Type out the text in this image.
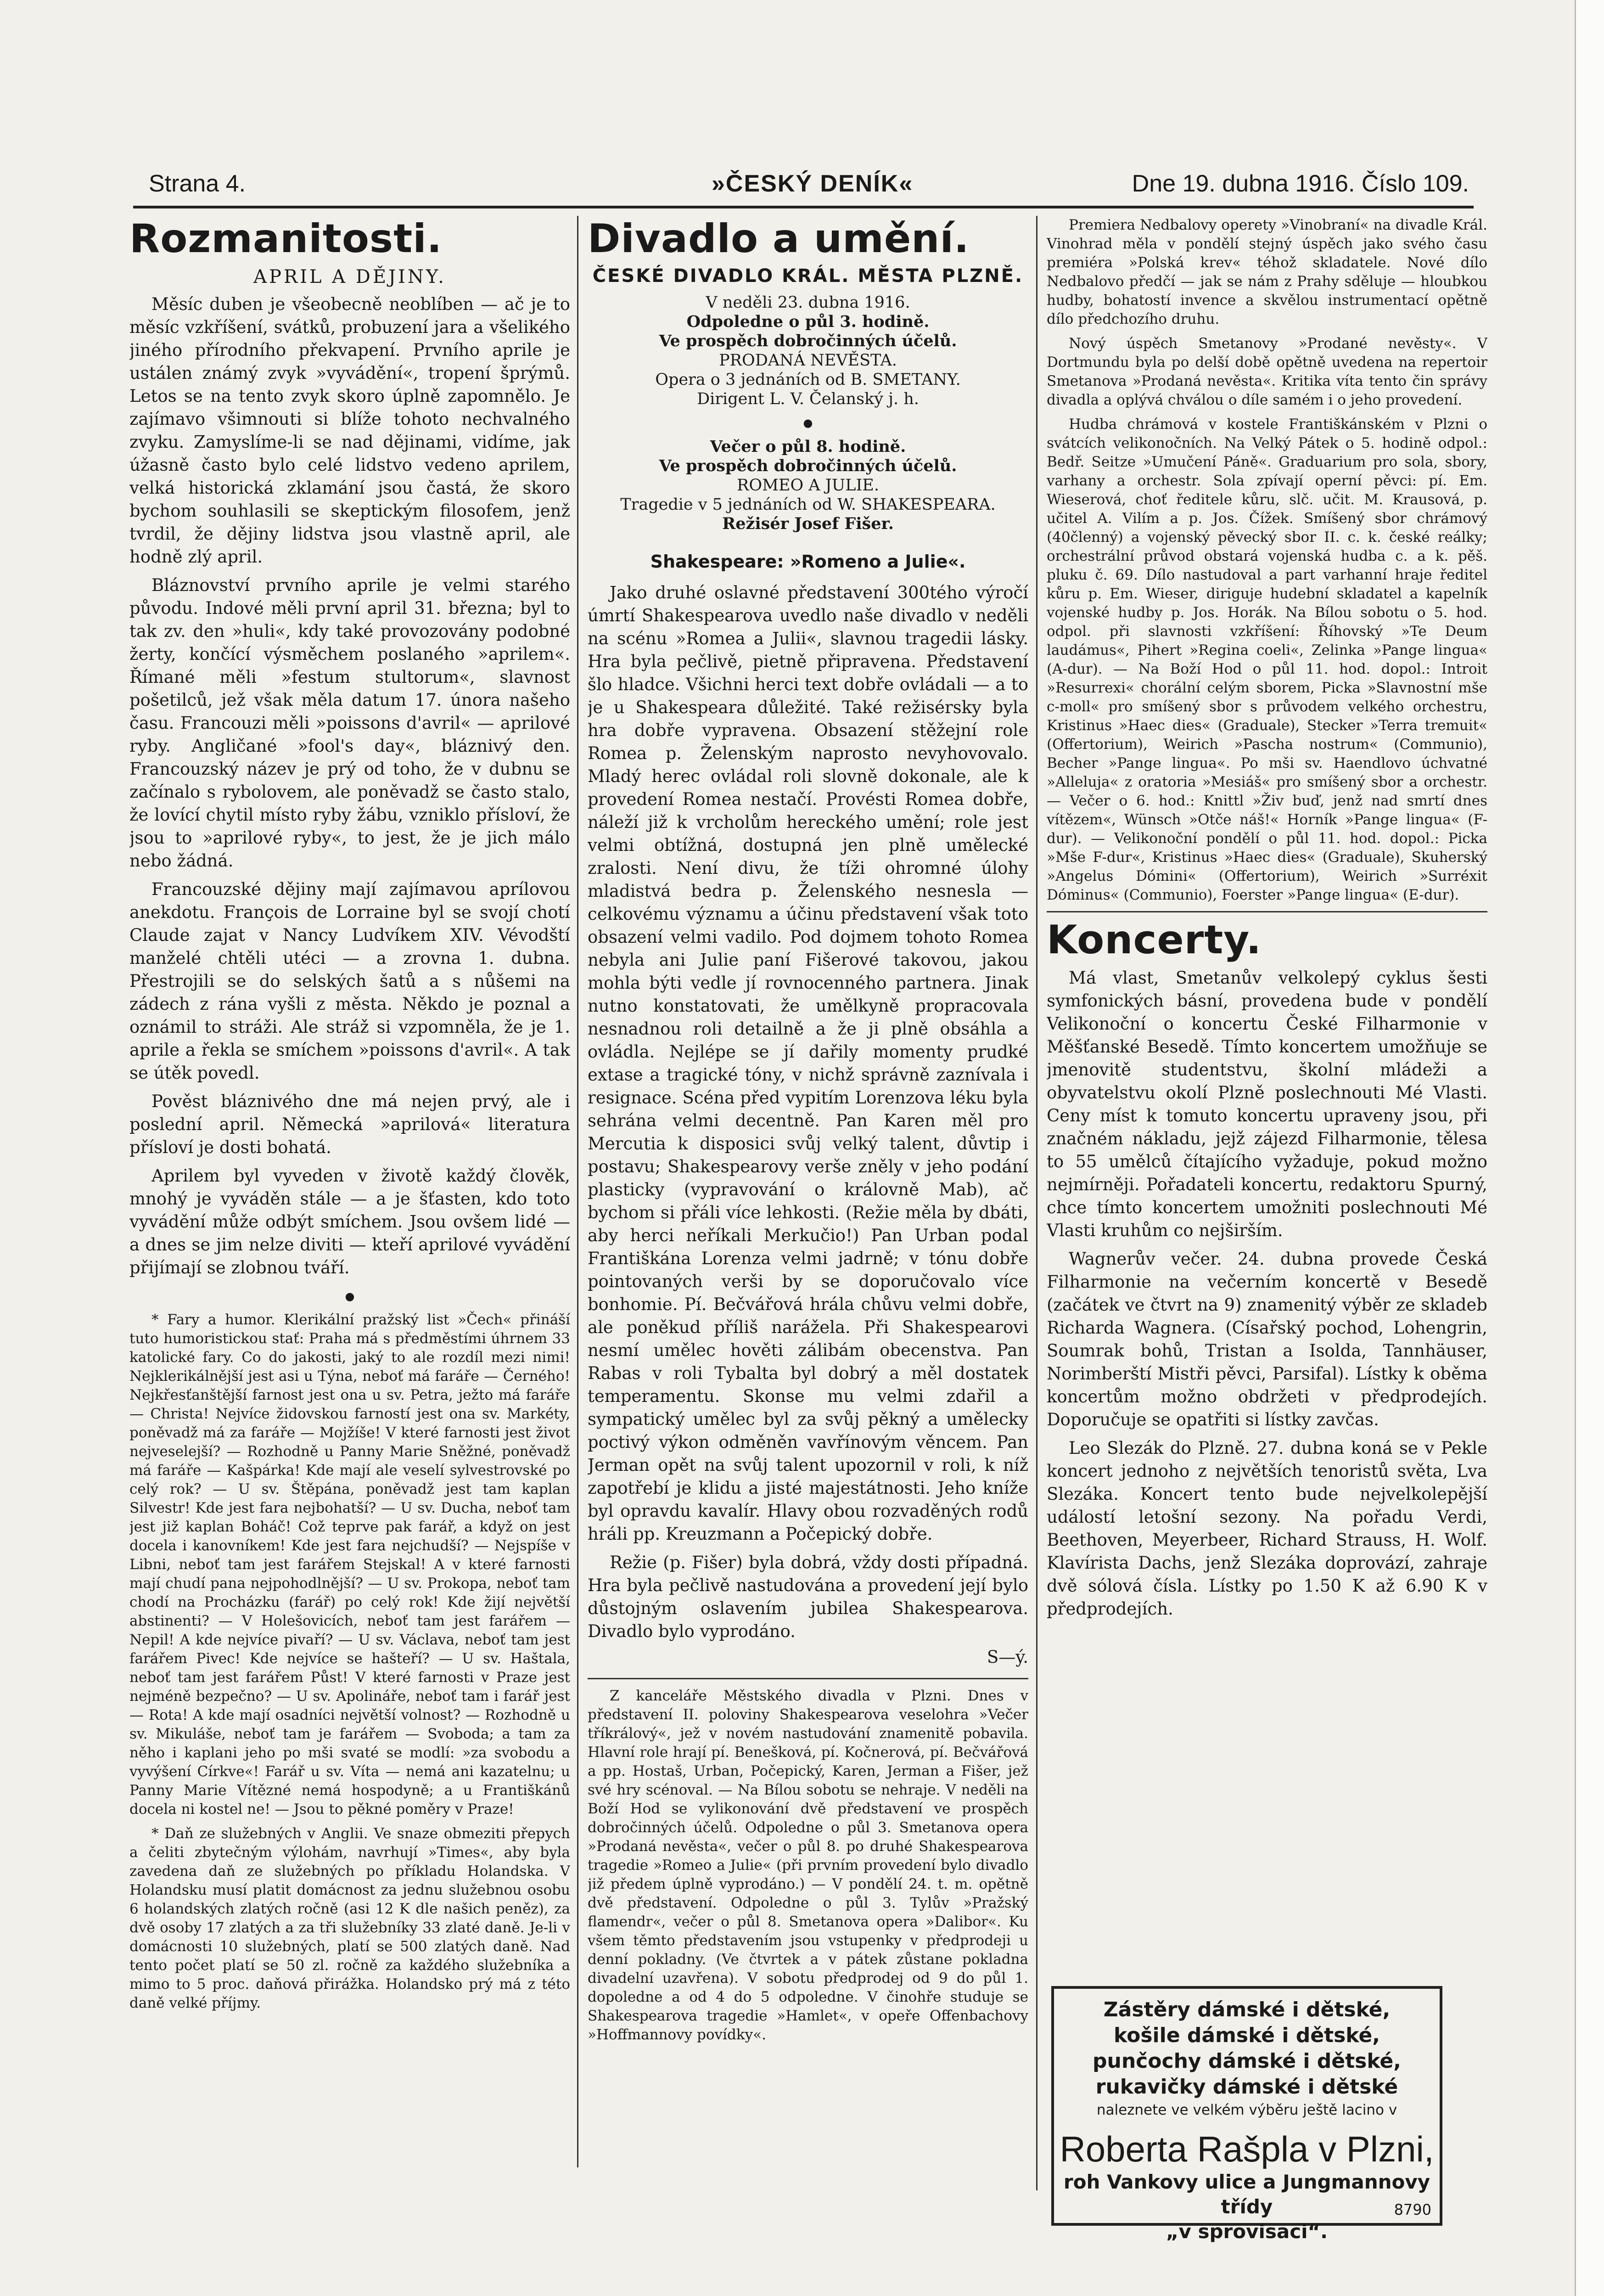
Strana 4.	»ČESKÝ DENÍK«	Dne 19. dubna 1916. Číslo 109.
Rozmanitosti.
APRIL A DĚJINY.

Měsíc duben je všeobecně neoblíben — ač je to měsíc vzkříšení, svátků, probuzení jara a všelikého jiného přírodního překvapení. Prvního aprile je ustálen známý zvyk »vyvádění«, tropení šprýmů. Letos se na tento zvyk skoro úplně zapomnělo. Je zajímavo všimnouti si blíže tohoto nechvalného zvyku. Zamyslíme-li se nad dějinami, vidíme, jak úžasně často bylo celé lidstvo vedeno aprilem, velká historická zklamání jsou častá, že skoro bychom souhlasili se skeptickým filosofem, jenž tvrdil, že dějiny lidstva jsou vlastně april, ale hodně zlý april.

Bláznovství prvního aprile je velmi starého původu. Indové měli první april 31. března; byl to tak zv. den »huli«, kdy také provozovány podobné žerty, končící výsměchem poslaného »aprilem«. Římané měli »festum stultorum«, slavnost pošetilců, jež však měla datum 17. února našeho času. Francouzi měli »poissons d'avril« — aprilové ryby. Angličané »fool's day«, bláznivý den. Francouzský název je prý od toho, že v dubnu se začínalo s rybolovem, ale poněvadž se často stalo, že lovící chytil místo ryby žábu, vzniklo přísloví, že jsou to »aprilové ryby«, to jest, že je jich málo nebo žádná.

Francouzské dějiny mají zajímavou aprílovou anekdotu. François de Lorraine byl se svojí chotí Claude zajat v Nancy Ludvíkem XIV. Vévodští manželé chtěli utéci — a zrovna 1. dubna. Přestrojili se do selských šatů a s nůšemi na zádech z rána vyšli z města. Někdo je poznal a oznámil to stráži. Ale stráž si vzpomněla, že je 1. aprile a řekla se smíchem »poissons d'avril«. A tak se útěk povedl.

Pověst bláznivého dne má nejen prvý, ale i poslední april. Německá »aprilová« literatura přísloví je dosti bohatá.

Aprilem byl vyveden v životě každý člověk, mnohý je vyváděn stále — a je šťasten, kdo toto vyvádění může odbýt smíchem. Jsou ovšem lidé — a dnes se jim nelze diviti — kteří aprilové vyvádění přijímají se zlobnou tváří.

●

* Fary a humor. Klerikální pražský list »Čech« přináší tuto humoristickou stať: Praha má s předměstími úhrnem 33 katolické fary. Co do jakosti, jaký to ale rozdíl mezi nimi! Nejklerikálnější jest asi u Týna, neboť má faráře — Černého! Nejkřesťanštější farnost jest ona u sv. Petra, ježto má faráře — Christa! Nejvíce židovskou farností jest ona sv. Markéty, poněvadž má za faráře — Mojžíše! V které farnosti jest život nejveselejší? — Rozhodně u Panny Marie Sněžné, poněvadž má faráře — Kašpárka! Kde mají ale veselí sylvestrovské po celý rok? — U sv. Štěpána, poněvadž jest tam kaplan Silvestr! Kde jest fara nejbohatší? — U sv. Ducha, neboť tam jest již kaplan Boháč! Což teprve pak farář, a když on jest docela i kanovníkem! Kde jest fara nejchudší? — Nejspíše v Libni, neboť tam jest farářem Stejskal! A v které farnosti mají chudí pana nejpohodlnější? — U sv. Prokopa, neboť tam chodí na Procházku (farář) po celý rok! Kde žijí největší abstinenti? — V Holešovicích, neboť tam jest farářem — Nepil! A kde nejvíce pivaří? — U sv. Václava, neboť tam jest farářem Pivec! Kde nejvíce se hašteří? — U sv. Haštala, neboť tam jest farářem Půst! V které farnosti v Praze jest nejméně bezpečno? — U sv. Apolináře, neboť tam i farář jest — Rota! A kde mají osadníci největší volnost? — Rozhodně u sv. Mikuláše, neboť tam je farářem — Svoboda; a tam za něho i kaplani jeho po mši svaté se modlí: »za svobodu a vyvýšení Církve«! Farář u sv. Víta — nemá ani kazatelnu; u Panny Marie Vítězné nemá hospodyně; a u Františkánů docela ni kostel ne! — Jsou to pěkné poměry v Praze!

* Daň ze služebných v Anglii. Ve snaze obmeziti přepych a čeliti zbytečným výlohám, navrhují »Times«, aby byla zavedena daň ze služebných po příkladu Holandska. V Holandsku musí platit domácnost za jednu služebnou osobu 6 holandských zlatých ročně (asi 12 K dle našich peněz), za dvě osoby 17 zlatých a za tři služebníky 33 zlaté daně. Je-li v domácnosti 10 služebných, platí se 500 zlatých daně. Nad tento počet platí se 50 zl. ročně za každého služebníka a mimo to 5 proc. daňová přirážka. Holandsko prý má z této daně velké příjmy.

Divadlo a umění.
ČESKÉ DIVADLO KRÁL. MĚSTA PLZNĚ.
V neděli 23. dubna 1916.
Odpoledne o půl 3. hodině.
Ve prospěch dobročinných účelů.
PRODANÁ NEVĚSTA.
Opera o 3 jednáních od B. SMETANY.
Dirigent L. V. Čelanský j. h.
●
Večer o půl 8. hodině.
Ve prospěch dobročinných účelů.
ROMEO A JULIE.
Tragedie v 5 jednáních od W. SHAKESPEARA.
Režisér Josef Fišer.
Shakespeare: »Romeno a Julie«.

Jako druhé oslavné představení 300tého výročí úmrtí Shakespearova uvedlo naše divadlo v neděli na scénu »Romea a Julii«, slavnou tragedii lásky. Hra byla pečlivě, pietně připravena. Představení šlo hladce. Všichni herci text dobře ovládali — a to je u Shakespeara důležité. Také režisérsky byla hra dobře vypravena. Obsazení stěžejní role Romea p. Želenským naprosto nevyhovovalo. Mladý herec ovládal roli slovně dokonale, ale k provedení Romea nestačí. Provésti Romea dobře, náleží již k vrcholům hereckého umění; role jest velmi obtížná, dostupná jen plně umělecké zralosti. Není divu, že tíži ohromné úlohy mladistvá bedra p. Želenského nesnesla — celkovému významu a účinu představení však toto obsazení velmi vadilo. Pod dojmem tohoto Romea nebyla ani Julie paní Fišerové takovou, jakou mohla býti vedle jí rovnocenného partnera. Jinak nutno konstatovati, že umělkyně propracovala nesnadnou roli detailně a že ji plně obsáhla a ovládla. Nejlépe se jí dařily momenty prudké extase a tragické tóny, v nichž správně zaznívala i resignace. Scéna před vypitím Lorenzova léku byla sehrána velmi decentně. Pan Karen měl pro Mercutia k disposici svůj velký talent, důvtip i postavu; Shakespearovy verše zněly v jeho podání plasticky (vypravování o královně Mab), ač bychom si přáli více lehkosti. (Režie měla by dbáti, aby herci neříkali Merkučio!) Pan Urban podal Františkána Lorenza velmi jadrně; v tónu dobře pointovaných verši by se doporučovalo více bonhomie. Pí. Bečvářová hrála chůvu velmi dobře, ale poněkud příliš naráželа. Při Shakespearovi nesmí umělec hověti zálibám obecenstva. Pan Rabas v roli Tybalta byl dobrý a měl dostatek temperamentu. Skonse mu velmi zdařil a sympatický umělec byl za svůj pěkný a umělecky poctivý výkon odměněn vavřínovým věncem. Pan Jerman opět na svůj talent upozornil v roli, k níž zapotřebí je klidu a jisté majestátnosti. Jeho kníže byl opravdu kavalír. Hlavy obou rozvaděných rodů hráli pp. Kreuzmann a Počepický dobře.

Režie (p. Fišer) byla dobrá, vždy dosti případná. Hra byla pečlivě nastudována a provedení její bylo důstojným oslavením jubilea Shakespearova. Divadlo bylo vyprodáno.

S—ý.

Z kanceláře Městského divadla v Plzni. Dnes v představení II. poloviny Shakespearova veselohra »Večer tříkrálový«, jež v novém nastudování znamenitě pobavila. Hlavní role hrají pí. Benešková, pí. Kočnerová, pí. Bečvářová a pp. Hostaš, Urban, Počepický, Karen, Jerman a Fišer, jež své hry scénoval. — Na Bílou sobotu se nehraje. V neděli na Boží Hod se vylikonování dvě představení ve prospěch dobročinných účelů. Odpoledne o půl 3. Smetanova opera »Prodaná nevěsta«, večer o půl 8. po druhé Shakespearova tragedie »Romeo a Julie« (při prvním provedení bylo divadlo již předem úplně vyprodáno.) — V pondělí 24. t. m. opětně dvě představení. Odpoledne o půl 3. Tylův »Pražský flamendr«, večer o půl 8. Smetanova opera »Dalibor«. Ku všem těmto představením jsou vstupenky v předprodeji u denní pokladny. (Ve čtvrtek a v pátek zůstane pokladna divadelní uzavřena). V sobotu předprodej od 9 do půl 1. dopoledne a od 4 do 5 odpoledne. V činohře studuje se Shakespearova tragedie »Hamlet«, v opeře Offenbachovy »Hoffmannovy povídky«.

Premiera Nedbalovy operety »Vinobraní« na divadle Král. Vinohrad měla v pondělí stejný úspěch jako svého času premiéra »Polská krev« téhož skladatele. Nové dílo Nedbalovo předčí — jak se nám z Prahy sděluje — hloubkou hudby, bohatostí invence a skvělou instrumentací opětně dílo předchozího druhu.

Nový úspěch Smetanovy »Prodané nevěsty«. V Dortmundu byla po delší době opětně uvedena na repertoir Smetanova »Prodaná nevěsta«. Kritika víta tento čin správy divadla a oplývá chválou o díle samém i o jeho provedení.

Hudba chrámová v kostele Františkánském v Plzni o svátcích velikonočních. Na Velký Pátek o 5. hodině odpol.: Bedř. Seitze »Umučení Páně«. Graduarium pro sola, sbory, varhany a orchestr. Sola zpívají operní pěvci: pí. Em. Wieserová, choť ředitele kůru, slč. učit. M. Krausová, p. učitel A. Vilím a p. Jos. Čížek. Smíšený sbor chrámový (40členný) a vojenský pěvecký sbor II. c. k. české reálky; orchestrální průvod obstará vojenská hudba c. a k. pěš. pluku č. 69. Dílo nastudoval a part varhanní hraje ředitel kůru p. Em. Wieser, diriguje hudební skladatel a kapelník vojenské hudby p. Jos. Horák. Na Bílou sobotu o 5. hod. odpol. při slavnosti vzkříšení: Říhovský »Te Deum laudámus«, Pihert »Regina coeli«, Zelinka »Pange lingua« (A-dur). — Na Boží Hod o půl 11. hod. dopol.: Introit »Resurrexi« chorální celým sborem, Picka »Slavnostní mše c-moll« pro smíšený sbor s průvodem velkého orchestru, Kristinus »Haec dies« (Graduale), Stecker »Terra tremuit« (Offertorium), Weirich »Pascha nostrum« (Communio), Becher »Pange lingua«. Po mši sv. Haendlovo úchvatné »Alleluja« z oratoria »Mesiáš« pro smíšený sbor a orchestr. — Večer o 6. hod.: Knittl »Živ buď, jenž nad smrtí dnes vítězem«, Wünsch »Otče náš!« Horník »Pange lingua« (F-dur). — Velikonoční pondělí o půl 11. hod. dopol.: Picka »Mše F-dur«, Kristinus »Haec dies« (Graduale), Skuherský »Angelus Dómini« (Offertorium), Weirich »Surréxit Dóminus« (Communio), Foerster »Pange lingua« (E-dur).

Koncerty.

Má vlast, Smetanův velkolepý cyklus šesti symfonických básní, provedena bude v pondělí Velikonoční o koncertu České Filharmonie v Měšťanské Besedě. Tímto koncertem umožňuje se jmenovitě studentstvu, školní mládeži a obyvatelstvu okolí Plzně poslechnouti Mé Vlasti. Ceny míst k tomuto koncertu upraveny jsou, při značném nákladu, jejž zájezd Filharmonie, tělesa to 55 umělců čítajícího vyžaduje, pokud možno nejmírněji. Pořadateli koncertu, redaktoru Spurný, chce tímto koncertem umožniti poslechnouti Mé Vlasti kruhům co nejširším.

Wagnerův večer. 24. dubna provede Česká Filharmonie na večerním koncertě v Besedě (začátek ve čtvrt na 9) znamenitý výběr ze skladeb Richarda Wagnera. (Císařský pochod, Lohengrin, Soumrak bohů, Tristan a Isolda, Tannhäuser, Norimberští Mistři pěvci, Parsifal). Lístky k oběma koncertům možno obdržeti v předprodejích. Doporučuje se opatřiti si lístky zavčas.

Leo Slezák do Plzně. 27. dubna koná se v Pekle koncert jednoho z největších tenoristů světa, Lva Slezáka. Koncert tento bude nejvelkolepější událostí letošní sezony. Na pořadu Verdi, Beethoven, Meyerbeer, Richard Strauss, H. Wolf. Klavírista Dachs, jenž Slezáka doprovází, zahraje dvě sólová čísla. Lístky po 1.50 K až 6.90 K v předprodejích.

Zástěry dámské i dětské,
košile dámské i dětské,
punčochy dámské i dětské,
rukavičky dámské i dětské
naleznete ve velkém výběru ještě lacino v
Roberta Rašpla v Plzni,
roh Vankovy ulice a Jungmannovy třídy
„v sprovisaci“.
8790
